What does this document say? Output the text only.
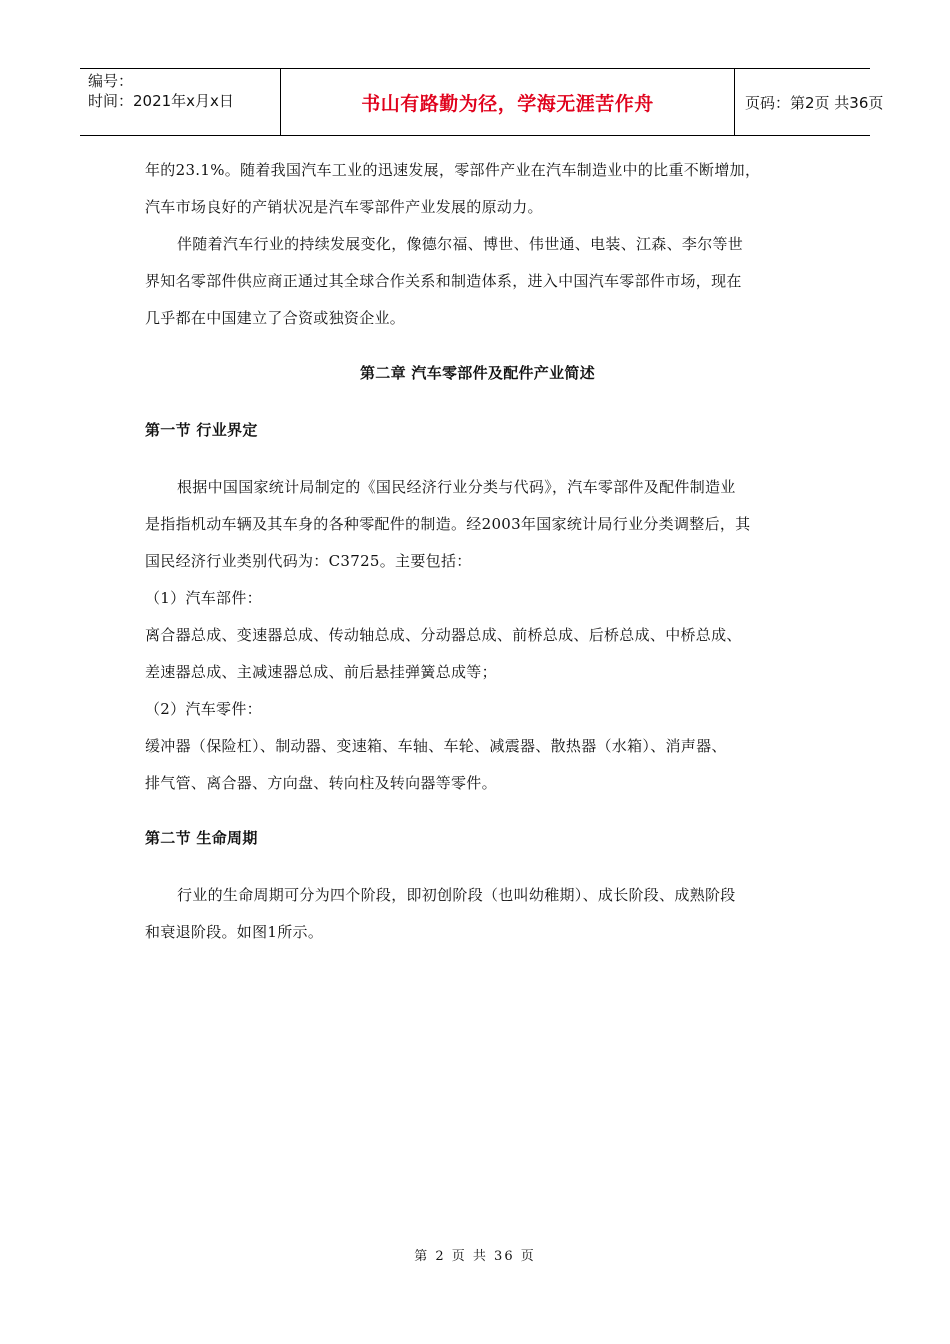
编号：
时间：2021年x月x日	书山有路勤为径，学海无涯苦作舟	页码：第2页 共36页
年的23.1%。随着我国汽车工业的迅速发展，零部件产业在汽车制造业中的比重不断增加，
汽车市场良好的产销状况是汽车零部件产业发展的原动力。
伴随着汽车行业的持续发展变化，像德尔福、博世、伟世通、电装、江森、李尔等世
界知名零部件供应商正通过其全球合作关系和制造体系，进入中国汽车零部件市场，现在
几乎都在中国建立了合资或独资企业。
第二章 汽车零部件及配件产业简述
第一节 行业界定
根据中国国家统计局制定的《国民经济行业分类与代码》，汽车零部件及配件制造业
是指指机动车辆及其车身的各种零配件的制造。经2003年国家统计局行业分类调整后，其
国民经济行业类别代码为：C3725。主要包括：
（1）汽车部件：
离合器总成、变速器总成、传动轴总成、分动器总成、前桥总成、后桥总成、中桥总成、
差速器总成、主减速器总成、前后悬挂弹簧总成等；
（2）汽车零件：
缓冲器（保险杠）、制动器、变速箱、车轴、车轮、减震器、散热器（水箱）、消声器、
排气管、离合器、方向盘、转向柱及转向器等零件。
第二节 生命周期
行业的生命周期可分为四个阶段，即初创阶段（也叫幼稚期）、成长阶段、成熟阶段
和衰退阶段。如图1所示。
第 2 页 共 36 页
